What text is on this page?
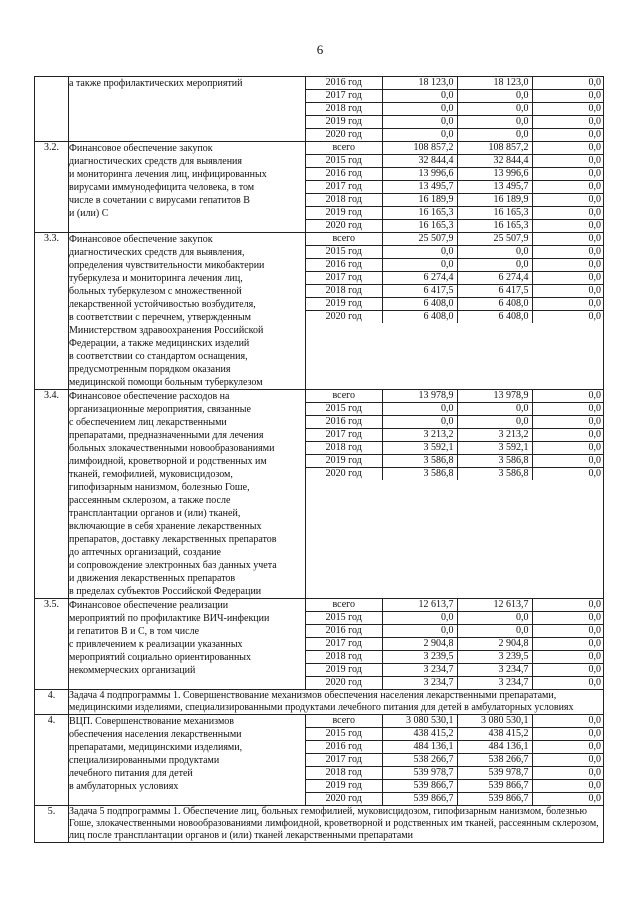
6

а также профилактических мероприятий
		2016 год	18 123,0	18 123,0	0,0
2017 год	0,0	0,0	0,0
2018 год	0,0	0,0	0,0
2019 год	0,0	0,0	0,0
2020 год	0,0	0,0	0,0

3.2.	Финансовое обеспечение закупок
диагностических средств для выявления
и мониторинга лечения лиц, инфицированных
вирусами иммунодефицита человека, в том
числе в сочетании с вирусами гепатитов В
и (или) С

всего	108 857,2	108 857,2	0,0
2015 год	32 844,4	32 844,4	0,0
2016 год	13 996,6	13 996,6	0,0
2017 год	13 495,7	13 495,7	0,0
2018 год	16 189,9	16 189,9	0,0
2019 год	16 165,3	16 165,3	0,0
2020 год	16 165,3	16 165,3	0,0

3.3.	Финансовое обеспечение закупок
диагностических средств для выявления,
определения чувствительности микобактерии
туберкулеза и мониторинга лечения лиц,
больных туберкулезом с множественной
лекарственной устойчивостью возбудителя,
в соответствии с перечнем, утвержденным
Министерством здравоохранения Российской
Федерации, а также медицинских изделий
в соответствии со стандартом оснащения,
предусмотренным порядком оказания
медицинской помощи больным туберкулезом

всего	25 507,9	25 507,9	0,0
2015 год	0,0	0,0	0,0
2016 год	0,0	0,0	0,0
2017 год	6 274,4	6 274,4	0,0
2018 год	6 417,5	6 417,5	0,0
2019 год	6 408,0	6 408,0	0,0
2020 год	6 408,0	6 408,0	0,0

3.4.	Финансовое обеспечение расходов на
организационные мероприятия, связанные
с обеспечением лиц лекарственными
препаратами, предназначенными для лечения
больных злокачественными новообразованиями
лимфоидной, кроветворной и родственных им
тканей, гемофилией, муковисцидозом,
гипофизарным нанизмом, болезнью Гоше,
рассеянным склерозом, а также после
трансплантации органов и (или) тканей,
включающие в себя хранение лекарственных
препаратов, доставку лекарственных препаратов
до аптечных организаций, создание
и сопровождение электронных баз данных учета
и движения лекарственных препаратов
в пределах субъектов Российской Федерации

всего	13 978,9	13 978,9	0,0
2015 год	0,0	0,0	0,0
2016 год	0,0	0,0	0,0
2017 год	3 213,2	3 213,2	0,0
2018 год	3 592,1	3 592,1	0,0
2019 год	3 586,8	3 586,8	0,0
2020 год	3 586,8	3 586,8	0,0

3.5.	Финансовое обеспечение реализации
мероприятий по профилактике ВИЧ-инфекции
и гепатитов В и С, в том числе
с привлечением к реализации указанных
мероприятий социально ориентированных
некоммерческих организаций

всего	12 613,7	12 613,7	0,0
2015 год	0,0	0,0	0,0
2016 год	0,0	0,0	0,0
2017 год	2 904,8	2 904,8	0,0
2018 год	3 239,5	3 239,5	0,0
2019 год	3 234,7	3 234,7	0,0
2020 год	3 234,7	3 234,7	0,0

4.	Задача 4 подпрограммы 1. Совершенствование механизмов обеспечения населения лекарственными препаратами, медицинскими изделиями, специализированными продуктами лечебного питания для детей в амбулаторных условиях
4.	ВЦП. Совершенствование механизмов
обеспечения населения лекарственными
препаратами, медицинскими изделиями,
специализированными продуктами
лечебного питания для детей
в амбулаторных условиях

всего	3 080 530,1	3 080 530,1	0,0
2015 год	438 415,2	438 415,2	0,0
2016 год	484 136,1	484 136,1	0,0
2017 год	538 266,7	538 266,7	0,0
2018 год	539 978,7	539 978,7	0,0
2019 год	539 866,7	539 866,7	0,0
2020 год	539 866,7	539 866,7	0,0

5.	Задача 5 подпрограммы 1. Обеспечение лиц, больных гемофилией, муковисцидозом, гипофизарным нанизмом, болезнью Гоше, злокачественными новообразованиями лимфоидной, кроветворной и родственных им тканей, рассеянным склерозом, лиц после трансплантации органов и (или) тканей лекарственными препаратами
